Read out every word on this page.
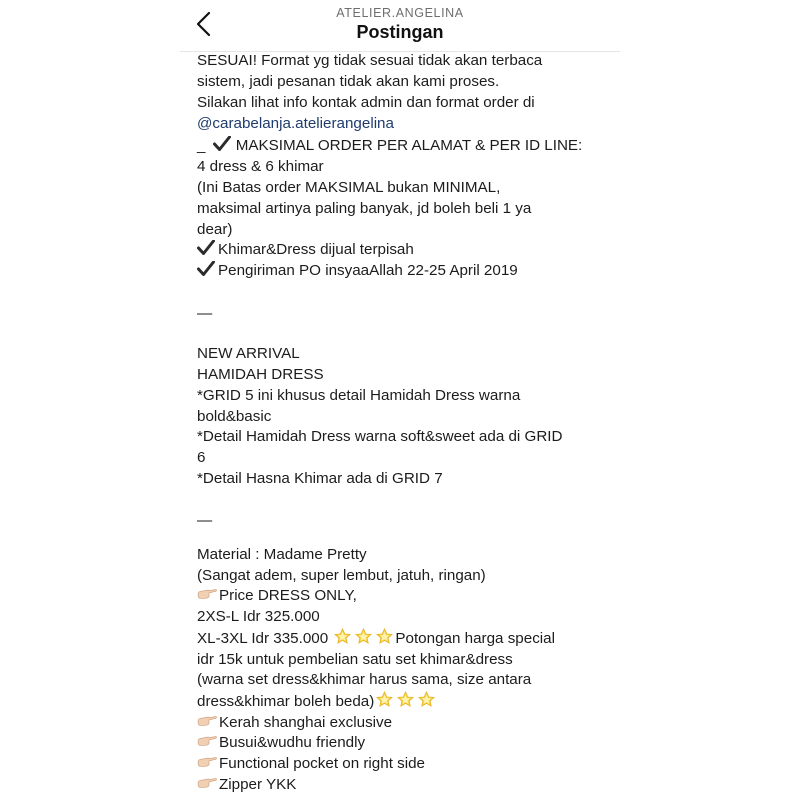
ATELIER.ANGELINA
Postingan
SESUAI! Format yg tidak sesuai tidak akan terbaca
sistem, jadi pesanan tidak akan kami proses.
Silakan lihat info kontak admin dan format order di
@carabelanja.atelierangelina
_ MAKSIMAL ORDER PER ALAMAT & PER ID LINE:
4 dress & 6 khimar
(Ini Batas order MAKSIMAL bukan MINIMAL,
maksimal artinya paling banyak, jd boleh beli 1 ya
dear)
Khimar&Dress dijual terpisah
Pengiriman PO insyaaAllah 22-25 April 2019
—
NEW ARRIVAL
HAMIDAH DRESS
*GRID 5 ini khusus detail Hamidah Dress warna
bold&basic
*Detail Hamidah Dress warna soft&sweet ada di GRID
6
*Detail Hasna Khimar ada di GRID 7
—
Material : Madame Pretty
(Sangat adem, super lembut, jatuh, ringan)
Price DRESS ONLY,
2XS-L Idr 325.000
XL-3XL Idr 335.000	Potongan harga special
idr 15k untuk pembelian satu set khimar&dress
(warna set dress&khimar harus sama, size antara
dress&khimar boleh beda)
Kerah shanghai exclusive
Busui&wudhu friendly
Functional pocket on right side
Zipper YKK
